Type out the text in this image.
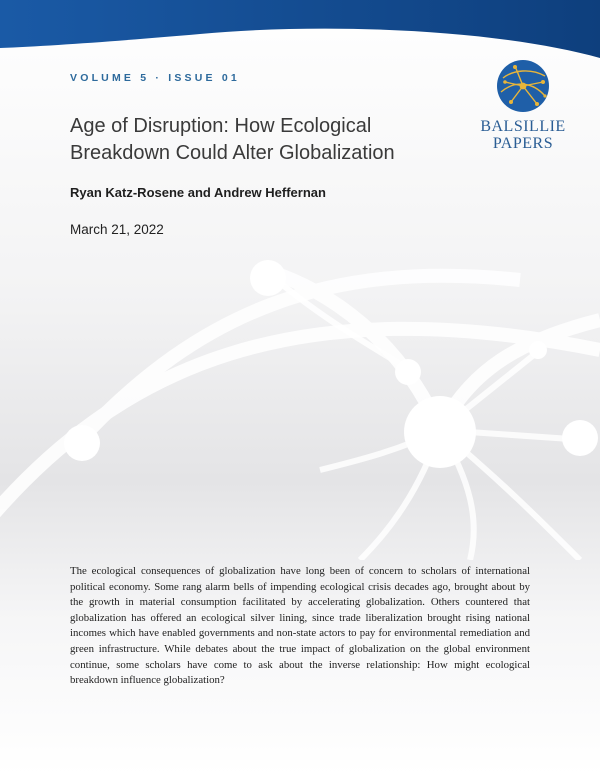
VOLUME 5 · ISSUE 01
Age of Disruption: How Ecological Breakdown Could Alter Globalization
Ryan Katz-Rosene and Andrew Heffernan
March 21, 2022
BALSILLIE
PAPERS

The ecological consequences of globalization have long been of concern to scholars of international political economy. Some rang alarm bells of impending ecological crisis decades ago, brought about by the growth in material consumption facilitated by accelerating globalization. Others countered that globalization has offered an ecological silver lining, since trade liberalization brought rising national incomes which have enabled governments and non-state actors to pay for environmental remediation and green infrastructure. While debates about the true impact of globalization on the global environment continue, some scholars have come to ask about the inverse relationship: How might ecological breakdown influence globalization?
